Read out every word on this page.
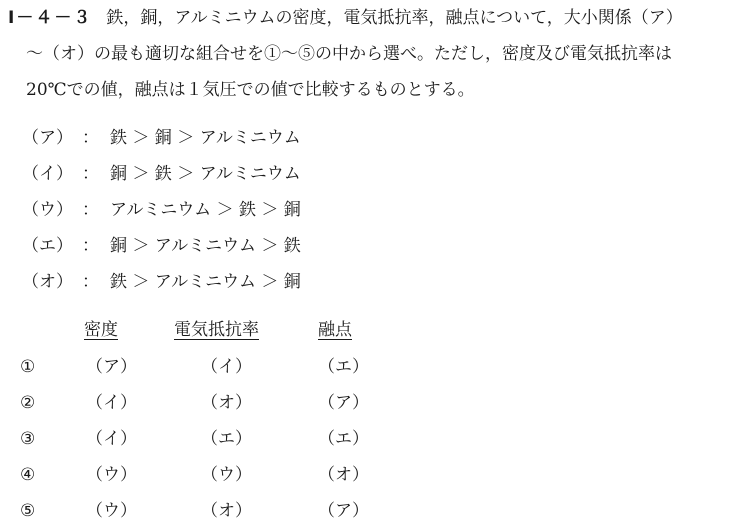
Ⅰ－４－３ 鉄，銅，アルミニウムの密度，電気抵抗率，融点について，大小関係（ア）
～（オ）の最も適切な組合せを①～⑤の中から選べ。ただし，密度及び電気抵抗率は
20℃での値，融点は１気圧での値で比較するものとする。
（ア） ： 鉄 ＞ 銅 ＞ アルミニウム
（イ） ： 銅 ＞ 鉄 ＞ アルミニウム
（ウ） ： アルミニウム ＞ 鉄 ＞ 銅
（エ） ： 銅 ＞ アルミニウム ＞ 鉄
（オ） ： 鉄 ＞ アルミニウム ＞ 銅
密度	電気抵抗率	融点
①	（ア）	（イ）	（エ）
②	（イ）	（オ）	（ア）
③	（イ）	（エ）	（エ）
④	（ウ）	（ウ）	（オ）
⑤	（ウ）	（オ）	（ア）
